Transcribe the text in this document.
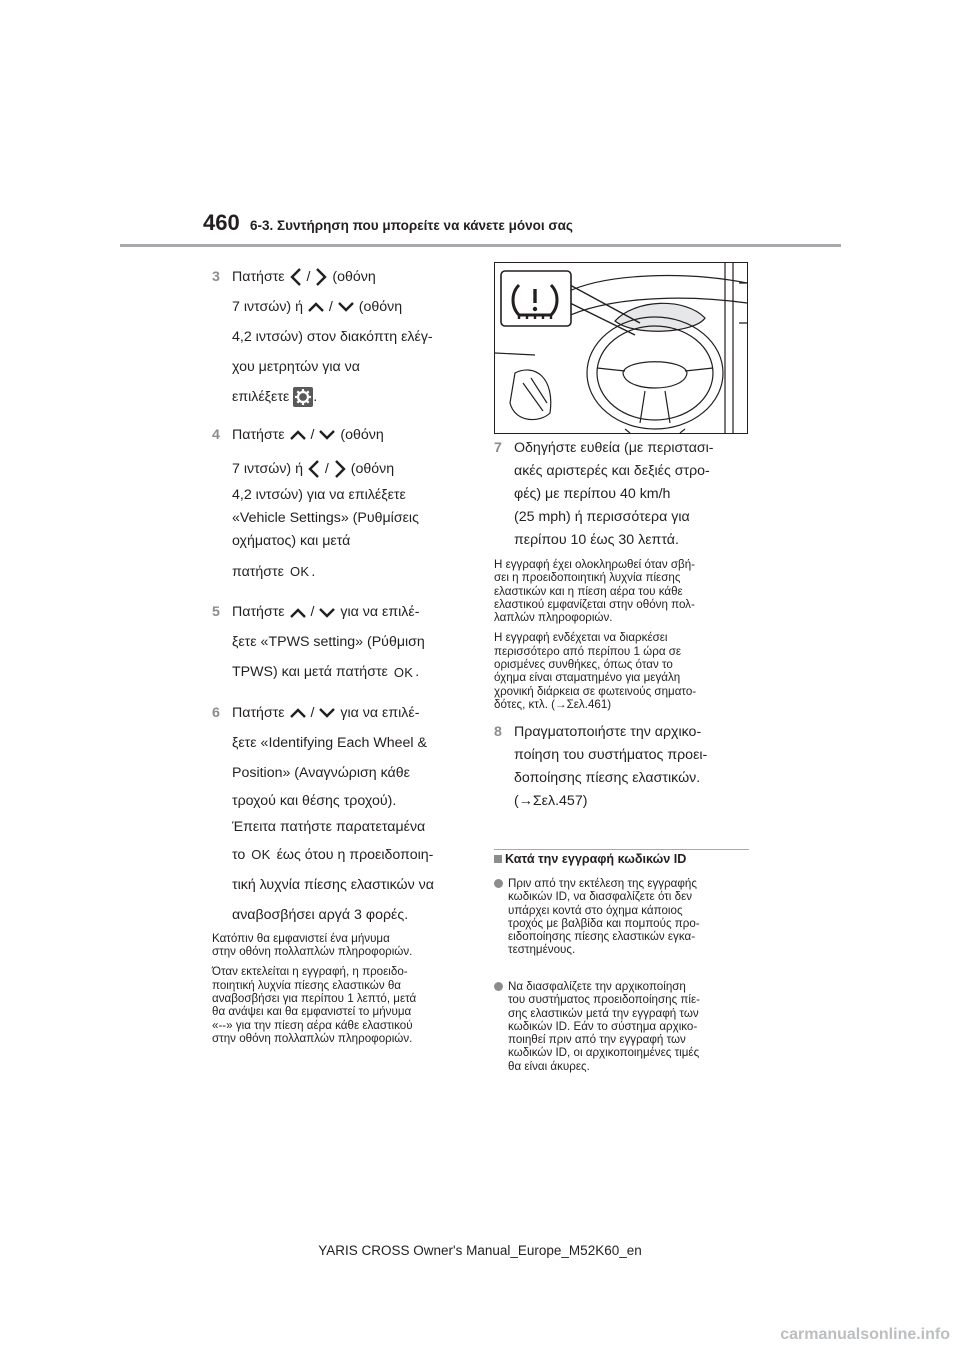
460 6-3. Συντήρηση που μπορείτε να κάνετε μόνοι σας
3 Πατήστε / (οθόνη
7 ιντσών) ή / (οθόνη
4,2 ιντσών) στον διακόπτη ελέγ-
χου μετρητών για να
επιλέξετε .
4 Πατήστε / (οθόνη
7 ιντσών) ή / (οθόνη
4,2 ιντσών) για να επιλέξετε
«Vehicle Settings» (Ρυθμίσεις
οχήματος) και μετά
πατήστε OK .
5 Πατήστε / για να επιλέ-
ξετε «TPWS setting» (Ρύθμιση
TPWS) και μετά πατήστε OK .
6 Πατήστε / για να επιλέ-
ξετε «Identifying Each Wheel &
Position» (Αναγνώριση κάθε
τροχού και θέσης τροχού).
Έπειτα πατήστε παρατεταμένα
το OK έως ότου η προειδοποιη-
τική λυχνία πίεσης ελαστικών να
αναβοσβήσει αργά 3 φορές.
Κατόπιν θα εμφανιστεί ένα μήνυμα
στην οθόνη πολλαπλών πληροφοριών.
Όταν εκτελείται η εγγραφή, η προειδο-
ποιητική λυχνία πίεσης ελαστικών θα
αναβοσβήσει για περίπου 1 λεπτό, μετά
θα ανάψει και θα εμφανιστεί το μήνυμα
«--» για την πίεση αέρα κάθε ελαστικού
στην οθόνη πολλαπλών πληροφοριών.
7 Οδηγήστε ευθεία (με περιστασι-
ακές αριστερές και δεξιές στρο-
φές) με περίπου 40 km/h
(25 mph) ή περισσότερα για
περίπου 10 έως 30 λεπτά.
Η εγγραφή έχει ολοκληρωθεί όταν σβή-
σει η προειδοποιητική λυχνία πίεσης
ελαστικών και η πίεση αέρα του κάθε
ελαστικού εμφανίζεται στην οθόνη πολ-
λαπλών πληροφοριών.
Η εγγραφή ενδέχεται να διαρκέσει
περισσότερο από περίπου 1 ώρα σε
ορισμένες συνθήκες, όπως όταν το
όχημα είναι σταματημένο για μεγάλη
χρονική διάρκεια σε φωτεινούς σηματο-
δότες, κτλ. (→Σελ.461)
8 Πραγματοποιήστε την αρχικο-
ποίηση του συστήματος προει-
δοποίησης πίεσης ελαστικών.
(→Σελ.457)
Κατά την εγγραφή κωδικών ID
Πριν από την εκτέλεση της εγγραφής
κωδικών ID, να διασφαλίζετε ότι δεν
υπάρχει κοντά στο όχημα κάποιος
τροχός με βαλβίδα και πομπούς προ-
ειδοποίησης πίεσης ελαστικών εγκα-
τεστημένους.
Να διασφαλίζετε την αρχικοποίηση
του συστήματος προειδοποίησης πίε-
σης ελαστικών μετά την εγγραφή των
κωδικών ID. Εάν το σύστημα αρχικο-
ποιηθεί πριν από την εγγραφή των
κωδικών ID, οι αρχικοποιημένες τιμές
θα είναι άκυρες.
YARIS CROSS Owner's Manual_Europe_M52K60_en
carmanualsonline.info
